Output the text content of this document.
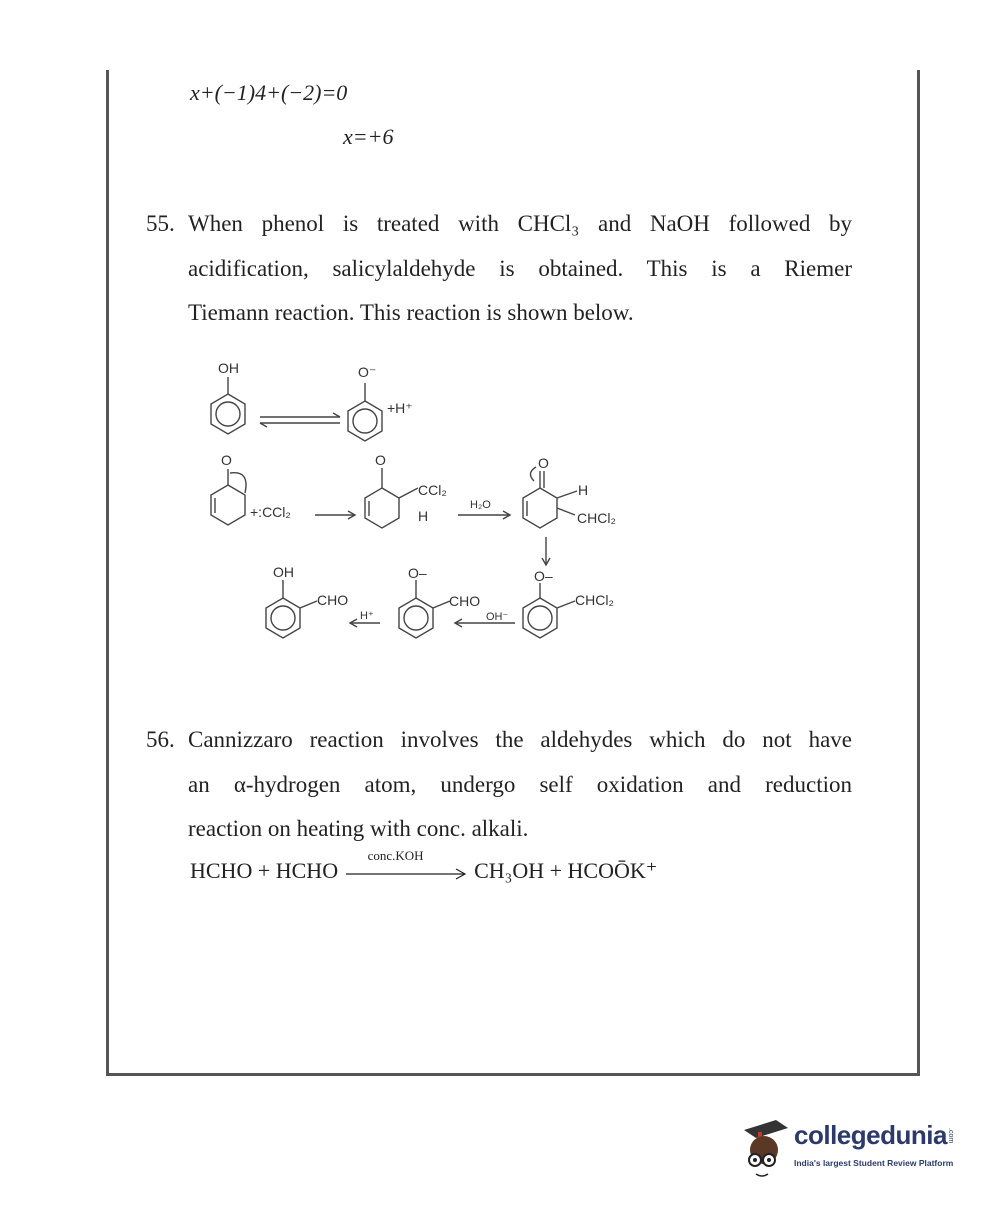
x+(−1)4+(−2)=0
x=+6
55. When phenol is treated with CHCl₃ and NaOH followed by
acidification, salicylaldehyde is obtained. This is a Riemer
Tiemann reaction. This reaction is shown below.
OH	O⁻
+H⁺
O
+:CCl₂
O
CCl₂
H
H₂O
O
H
CHCl₂
O–
CHCl₂
OH⁻
O–
CHO
H⁺
OH
CHO
56. Cannizzaro reaction involves the aldehydes which do not have
an α-hydrogen atom, undergo self oxidation and reduction
reaction on heating with conc. alkali.
HCHO + HCHO
conc.KOH
CH₃OH + HCOŌK⁺
collegedunia .com
India's largest Student Review Platform
